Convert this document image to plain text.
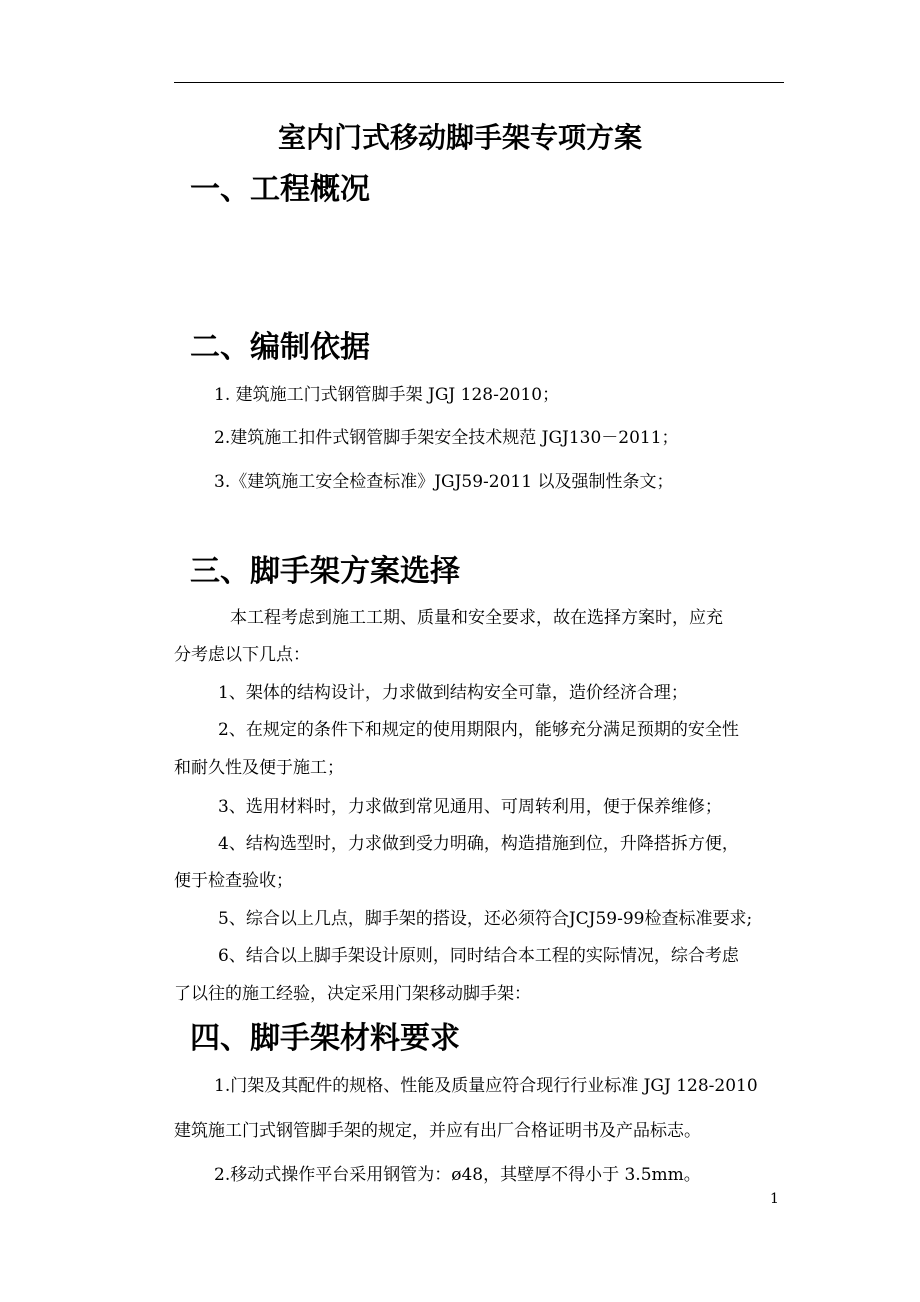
室内门式移动脚手架专项方案
一、工程概况
二、编制依据
1. 建筑施工门式钢管脚手架 JGJ 128-2010；
2.建筑施工扣件式钢管脚手架安全技术规范 JGJ130－2011；
3.《建筑施工安全检查标准》JGJ59-2011 以及强制性条文；
三、脚手架方案选择
本工程考虑到施工工期、质量和安全要求，故在选择方案时，应充
分考虑以下几点：
1、架体的结构设计，力求做到结构安全可靠，造价经济合理；
2、在规定的条件下和规定的使用期限内，能够充分满足预期的安全性
和耐久性及便于施工；
3、选用材料时，力求做到常见通用、可周转利用，便于保养维修；
4、结构选型时，力求做到受力明确，构造措施到位，升降搭拆方便，
便于检查验收；
5、综合以上几点，脚手架的搭设，还必须符合JCJ59-99检查标准要求;
6、结合以上脚手架设计原则，同时结合本工程的实际情况，综合考虑
了以往的施工经验，决定采用门架移动脚手架：
四、脚手架材料要求
1.门架及其配件的规格、性能及质量应符合现行行业标准 JGJ 128-2010
建筑施工门式钢管脚手架的规定，并应有出厂合格证明书及产品标志。
2.移动式操作平台采用钢管为：ø48，其壁厚不得小于 3.5mm。
1
